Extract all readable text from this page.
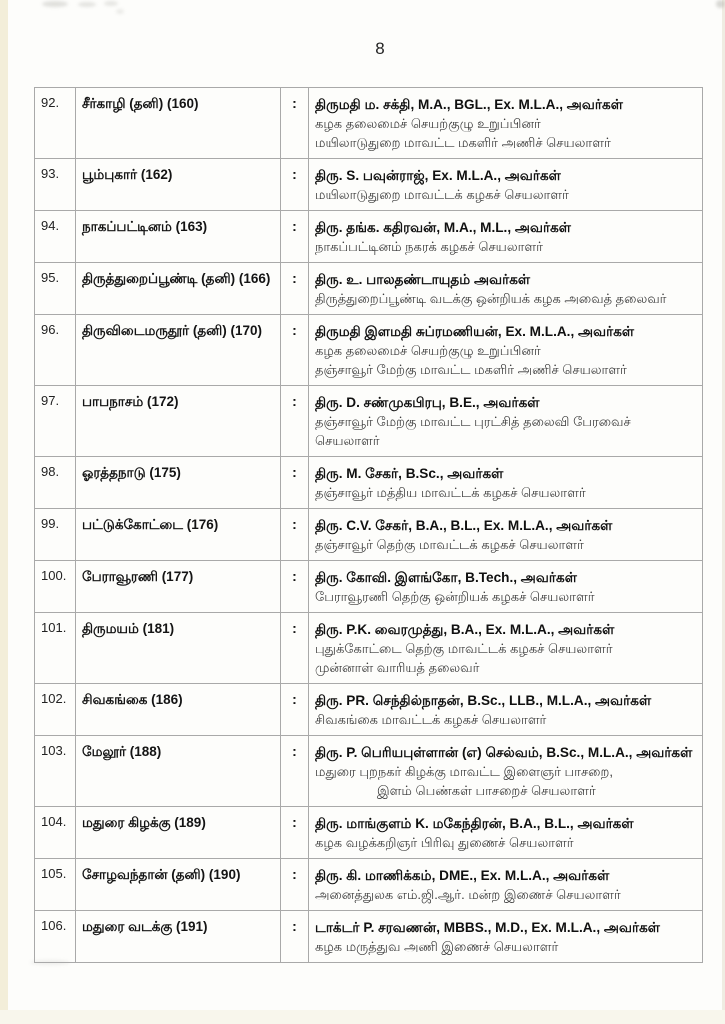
8
92.	சீர்காழி (தனி) (160)	:	திருமதி ம. சக்தி, M.A., BGL., Ex. M.L.A., அவர்கள்
கழக தலைமைச் செயற்குழு உறுப்பினர்
மயிலாடுதுறை மாவட்ட மகளிர் அணிச் செயலாளர்

93.	பூம்புகார் (162)	:	திரு. S. பவுன்ராஜ், Ex. M.L.A., அவர்கள்
மயிலாடுதுறை மாவட்டக் கழகச் செயலாளர்

94.	நாகப்பட்டினம் (163)	:	திரு. தங்க. கதிரவன், M.A., M.L., அவர்கள்
நாகப்பட்டினம் நகரக் கழகச் செயலாளர்

95.	திருத்துறைப்பூண்டி (தனி) (166)	:	திரு. உ. பாலதண்டாயுதம் அவர்கள்
திருத்துறைப்பூண்டி வடக்கு ஒன்றியக் கழக அவைத் தலைவர்

96.	திருவிடைமருதூர் (தனி) (170)	:	திருமதி இளமதி சுப்ரமணியன், Ex. M.L.A., அவர்கள்
கழக தலைமைச் செயற்குழு உறுப்பினர்
தஞ்சாவூர் மேற்கு மாவட்ட மகளிர் அணிச் செயலாளர்

97.	பாபநாசம் (172)	:	திரு. D. சண்முகபிரபு, B.E., அவர்கள்
தஞ்சாவூர் மேற்கு மாவட்ட புரட்சித் தலைவி பேரவைச் செயலாளர்

98.	ஓரத்தநாடு (175)	:	திரு. M. சேகர், B.Sc., அவர்கள்
தஞ்சாவூர் மத்திய மாவட்டக் கழகச் செயலாளர்

99.	பட்டுக்கோட்டை (176)	:	திரு. C.V. சேகர், B.A., B.L., Ex. M.L.A., அவர்கள்
தஞ்சாவூர் தெற்கு மாவட்டக் கழகச் செயலாளர்

100.	பேராவூரணி (177)	:	திரு. கோவி. இளங்கோ, B.Tech., அவர்கள்
பேராவூரணி தெற்கு ஒன்றியக் கழகச் செயலாளர்

101.	திருமயம் (181)	:	திரு. P.K. வைரமுத்து, B.A., Ex. M.L.A., அவர்கள்
புதுக்கோட்டை தெற்கு மாவட்டக் கழகச் செயலாளர்
முன்னாள் வாரியத் தலைவர்

102.	சிவகங்கை (186)	:	திரு. PR. செந்தில்நாதன், B.Sc., LLB., M.L.A., அவர்கள்
சிவகங்கை மாவட்டக் கழகச் செயலாளர்

103.	மேலூர் (188)	:	திரு. P. பெரியபுள்ளான் (எ) செல்வம், B.Sc., M.L.A., அவர்கள்
மதுரை புறநகர் கிழக்கு மாவட்ட இளைஞர் பாசறை,
இளம் பெண்கள் பாசறைச் செயலாளர்

104.	மதுரை கிழக்கு (189)	:	திரு. மாங்குளம் K. மகேந்திரன், B.A., B.L., அவர்கள்
கழக வழக்கறிஞர் பிரிவு துணைச் செயலாளர்

105.	சோழவந்தான் (தனி) (190)	:	திரு. கி. மாணிக்கம், DME., Ex. M.L.A., அவர்கள்
அனைத்துலக எம்.ஜி.ஆர். மன்ற இணைச் செயலாளர்

106.	மதுரை வடக்கு (191)	:	டாக்டர் P. சரவணன், MBBS., M.D., Ex. M.L.A., அவர்கள்
கழக மருத்துவ அணி இணைச் செயலாளர்
